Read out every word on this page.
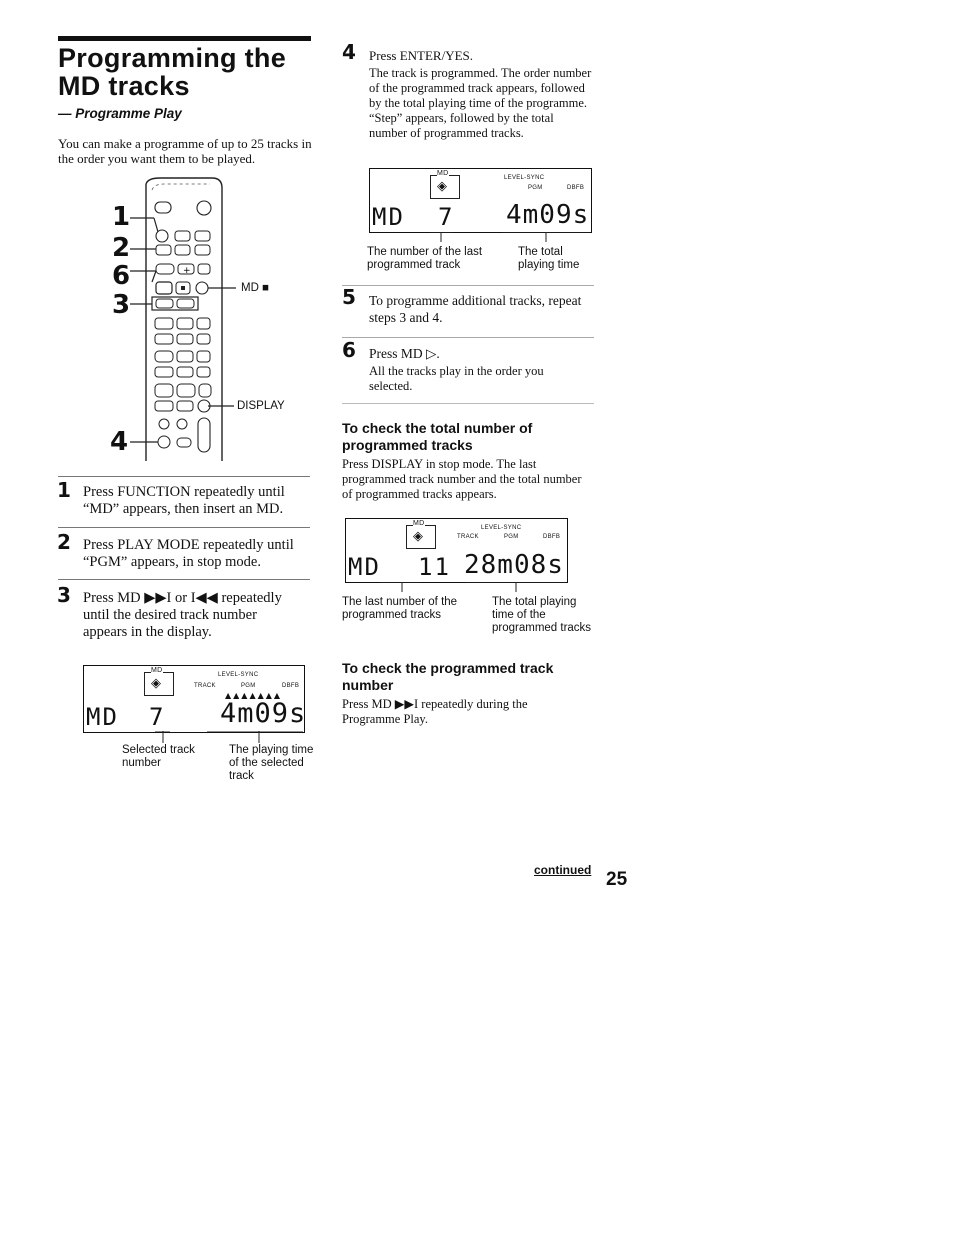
Programming the
MD tracks
— Programme Play
You can make a programme of up to 25 tracks in the order you want them to be played.
+
1
2
6
3
4
MD ■
DISPLAY
1 Press FUNCTION repeatedly until “MD” appears, then insert an MD.
2 Press PLAY MODE repeatedly until “PGM” appears, in stop mode.
3 Press MD ▶▶I or I◀◀ repeatedly until the desired track number appears in the display.
MD
◈
LEVEL-SYNC
TRACK	PGM	DBFB
▲▲▲▲▲▲▲
MD 7 4m09s
Selected track number
The playing time of the selected track
4 Press ENTER/YES.
The track is programmed. The order number of the programmed track appears, followed by the total playing time of the programme. “Step” appears, followed by the total number of programmed tracks.
MD
◈
LEVEL-SYNC
PGM	DBFB
MD 7 4m09s
The number of the last programmed track
The total playing time
5 To programme additional tracks, repeat steps 3 and 4.
6 Press MD ▷.
All the tracks play in the order you selected.
To check the total number of programmed tracks
Press DISPLAY in stop mode. The last programmed track number and the total number of programmed tracks appears.
MD
◈
LEVEL-SYNC
TRACK	PGM	DBFB
MD 11 28m08s
The last number of the programmed tracks
The total playing time of the programmed tracks
To check the programmed track number
Press MD ▶▶I repeatedly during the Programme Play.
continued 25
